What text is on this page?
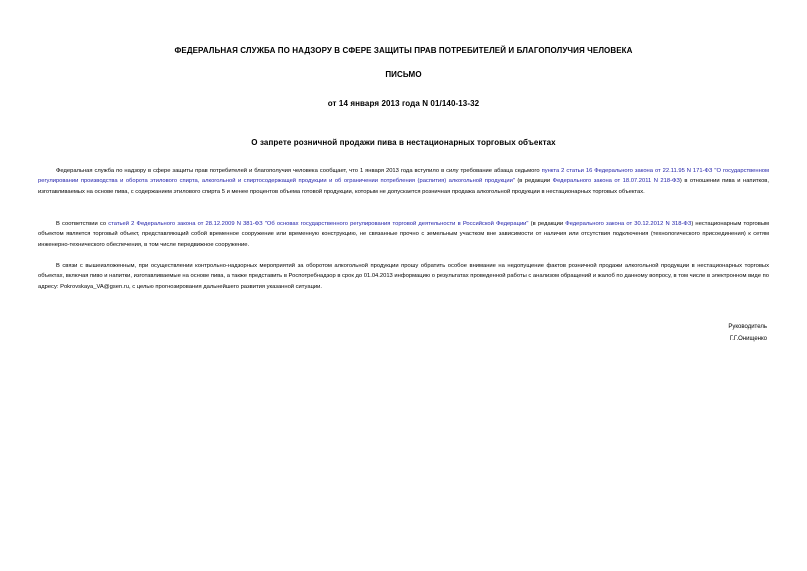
ФЕДЕРАЛЬНАЯ СЛУЖБА ПО НАДЗОРУ В СФЕРЕ ЗАЩИТЫ ПРАВ ПОТРЕБИТЕЛЕЙ И БЛАГОПОЛУЧИЯ ЧЕЛОВЕКА
ПИСЬМО
от 14 января 2013 года N 01/140-13-32
О запрете розничной продажи пива в нестационарных торговых объектах
Федеральная служба по надзору в сфере защиты прав потребителей и благополучия человека сообщает, что 1 января 2013 года вступило в силу требование абзаца седьмого пункта 2 статьи 16 Федерального закона от 22.11.95 N 171-ФЗ "О государственном регулировании производства и оборота этилового спирта, алкогольной и спиртосодержащей продукции и об ограничении потребления (распития) алкогольной продукции" (в редакции Федерального закона от 18.07.2011 N 218-ФЗ) в отношении пива и напитков, изготавливаемых на основе пива, с содержанием этилового спирта 5 и менее процентов объема готовой продукции, которым не допускается розничная продажа алкогольной продукции в нестационарных торговых объектах.
В соответствии со статьей 2 Федерального закона от 28.12.2009 N 381-ФЗ "Об основах государственного регулирования торговой деятельности в Российской Федерации" (в редакции Федерального закона от 30.12.2012 N 318-ФЗ) нестационарным торговым объектом является торговый объект, представляющий собой временное сооружение или временную конструкцию, не связанные прочно с земельным участком вне зависимости от наличия или отсутствия подключения (технологического присоединения) к сетям инженерно-технического обеспечения, в том числе передвижное сооружение.
В связи с вышеизложенным, при осуществлении контрольно-надзорных мероприятий за оборотом алкогольной продукции прошу обратить особое внимание на недопущение фактов розничной продажи алкогольной продукции в нестационарных торговых объектах, включая пиво и напитки, изготавливаемые на основе пива, а также представить в Роспотребнадзор в срок до 01.04.2013 информацию о результатах проведенной работы с анализом обращений и жалоб по данному вопросу, в том числе в электронном виде по адресу: Pokrovskaya_VA@gsen.ru, с целью прогнозирования дальнейшего развития указанной ситуации.
Руководитель
Г.Г.Онищенко
